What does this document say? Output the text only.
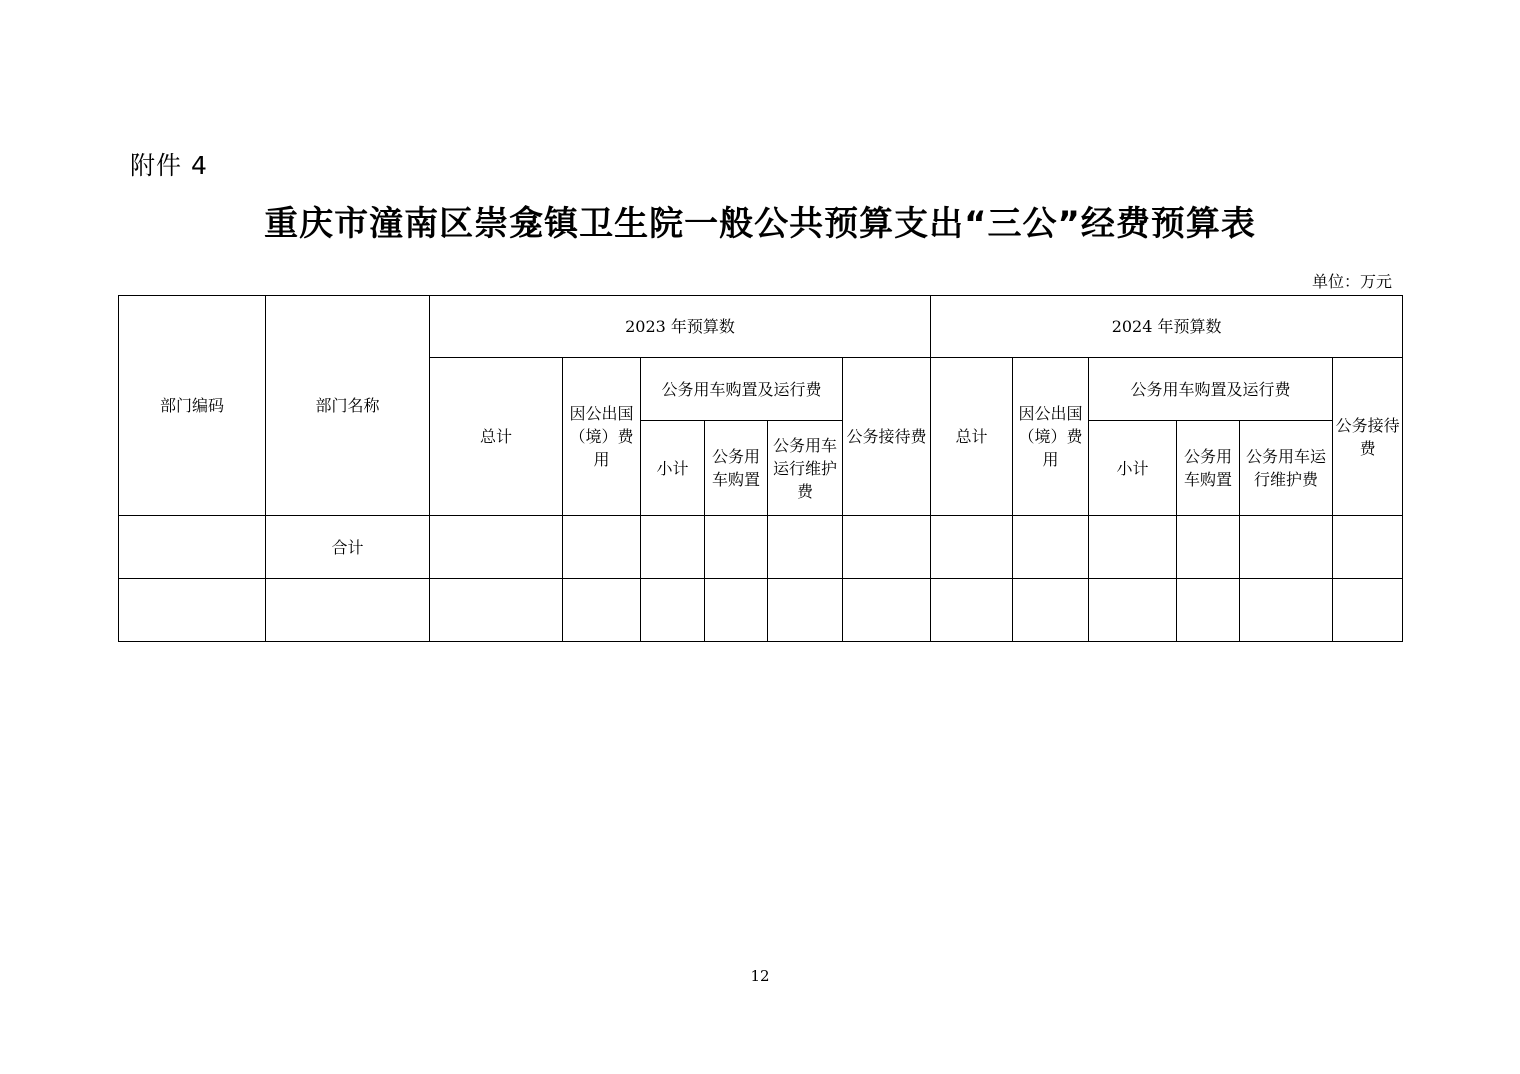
附件 4
重庆市潼南区崇龛镇卫生院一般公共预算支出“三公”经费预算表
单位：万元
部门编码	部门名称	2023 年预算数						2024 年预算数					
		总计	因公出国（境）费用	公务用车购置及运行费			公务接待费	总计	因公出国（境）费用	公务用车购置及运行费			公务接待费
				小计	公务用车购置	公务用车运行维护费				小计	公务用车购置	公务用车运行维护费	
	合计												

12
